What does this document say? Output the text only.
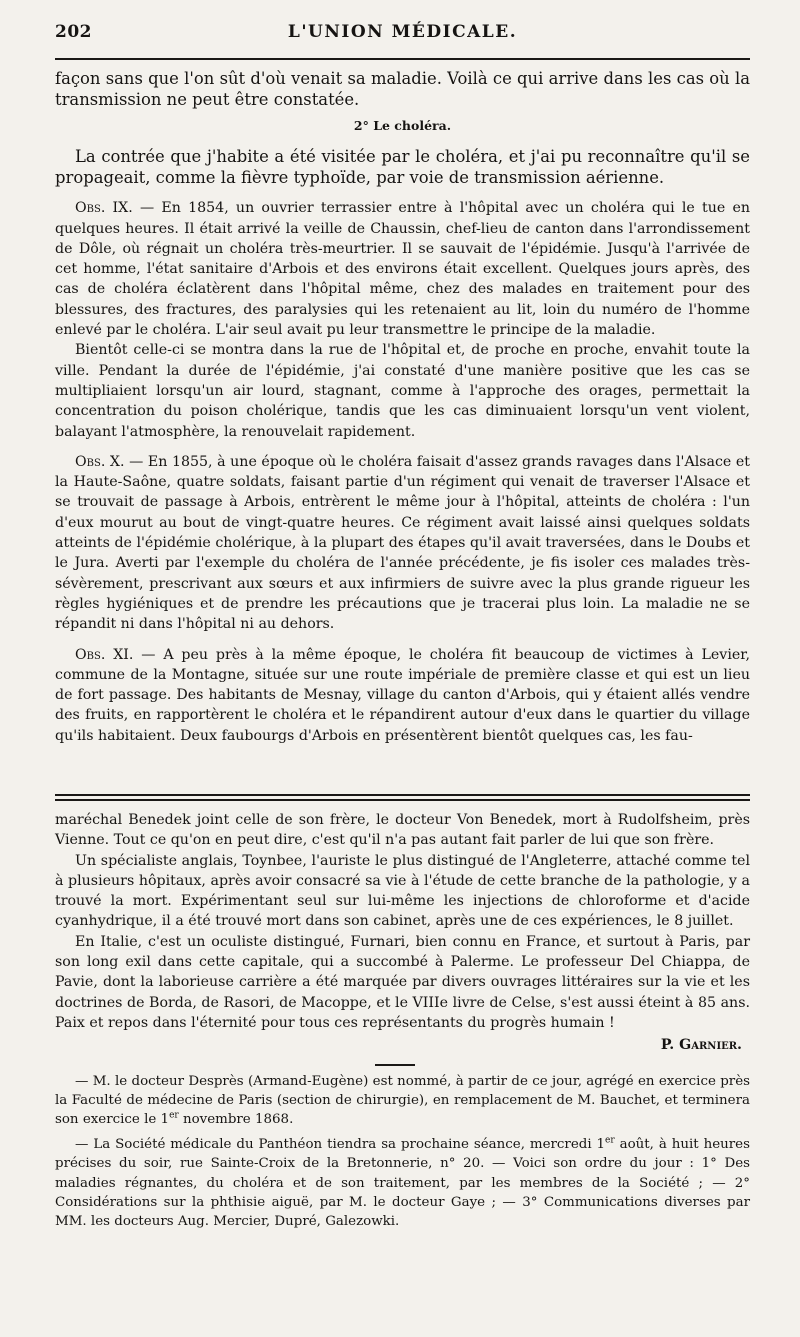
202	L'UNION MÉDICALE.

façon sans que l'on sût d'où venait sa maladie. Voilà ce qui arrive dans les cas où la transmission ne peut être constatée.

2° Le choléra.

La contrée que j'habite a été visitée par le choléra, et j'ai pu reconnaître qu'il se propageait, comme la fièvre typhoïde, par voie de transmission aérienne.

Obs. IX. — En 1854, un ouvrier terrassier entre à l'hôpital avec un choléra qui le tue en quelques heures. Il était arrivé la veille de Chaussin, chef-lieu de canton dans l'arrondissement de Dôle, où régnait un choléra très-meurtrier. Il se sauvait de l'épidémie. Jusqu'à l'arrivée de cet homme, l'état sanitaire d'Arbois et des environs était excellent. Quelques jours après, des cas de choléra éclatèrent dans l'hôpital même, chez des malades en traitement pour des blessures, des fractures, des paralysies qui les retenaient au lit, loin du numéro de l'homme enlevé par le choléra. L'air seul avait pu leur transmettre le principe de la maladie.

Bientôt celle-ci se montra dans la rue de l'hôpital et, de proche en proche, envahit toute la ville. Pendant la durée de l'épidémie, j'ai constaté d'une manière positive que les cas se multipliaient lorsqu'un air lourd, stagnant, comme à l'approche des orages, permettait la concentration du poison cholérique, tandis que les cas diminuaient lorsqu'un vent violent, balayant l'atmosphère, la renouvelait rapidement.

Obs. X. — En 1855, à une époque où le choléra faisait d'assez grands ravages dans l'Alsace et la Haute-Saône, quatre soldats, faisant partie d'un régiment qui venait de traverser l'Alsace et se trouvait de passage à Arbois, entrèrent le même jour à l'hôpital, atteints de choléra : l'un d'eux mourut au bout de vingt-quatre heures. Ce régiment avait laissé ainsi quelques soldats atteints de l'épidémie cholérique, à la plupart des étapes qu'il avait traversées, dans le Doubs et le Jura. Averti par l'exemple du choléra de l'année précédente, je fis isoler ces malades très-sévèrement, prescrivant aux sœurs et aux infirmiers de suivre avec la plus grande rigueur les règles hygiéniques et de prendre les précautions que je tracerai plus loin. La maladie ne se répandit ni dans l'hôpital ni au dehors.

Obs. XI. — A peu près à la même époque, le choléra fit beaucoup de victimes à Levier, commune de la Montagne, située sur une route impériale de première classe et qui est un lieu de fort passage. Des habitants de Mesnay, village du canton d'Arbois, qui y étaient allés vendre des fruits, en rapportèrent le choléra et le répandirent autour d'eux dans le quartier du village qu'ils habitaient. Deux faubourgs d'Arbois en présentèrent bientôt quelques cas, les fau-

maréchal Benedek joint celle de son frère, le docteur Von Benedek, mort à Rudolfsheim, près Vienne. Tout ce qu'on en peut dire, c'est qu'il n'a pas autant fait parler de lui que son frère.

Un spécialiste anglais, Toynbee, l'auriste le plus distingué de l'Angleterre, attaché comme tel à plusieurs hôpitaux, après avoir consacré sa vie à l'étude de cette branche de la pathologie, y a trouvé la mort. Expérimentant seul sur lui-même les injections de chloroforme et d'acide cyanhydrique, il a été trouvé mort dans son cabinet, après une de ces expériences, le 8 juillet.

En Italie, c'est un oculiste distingué, Furnari, bien connu en France, et surtout à Paris, par son long exil dans cette capitale, qui a succombé à Palerme. Le professeur Del Chiappa, de Pavie, dont la laborieuse carrière a été marquée par divers ouvrages littéraires sur la vie et les doctrines de Borda, de Rasori, de Macoppe, et le VIIIe livre de Celse, s'est aussi éteint à 85 ans. Paix et repos dans l'éternité pour tous ces représentants du progrès humain !

P. Garnier.

— M. le docteur Desprès (Armand-Eugène) est nommé, à partir de ce jour, agrégé en exercice près la Faculté de médecine de Paris (section de chirurgie), en remplacement de M. Bauchet, et terminera son exercice le 1er novembre 1868.

— La Société médicale du Panthéon tiendra sa prochaine séance, mercredi 1er août, à huit heures précises du soir, rue Sainte-Croix de la Bretonnerie, n° 20. — Voici son ordre du jour : 1° Des maladies régnantes, du choléra et de son traitement, par les membres de la Société ; — 2° Considérations sur la phthisie aiguë, par M. le docteur Gaye ; — 3° Communications diverses par MM. les docteurs Aug. Mercier, Dupré, Galezowki.
